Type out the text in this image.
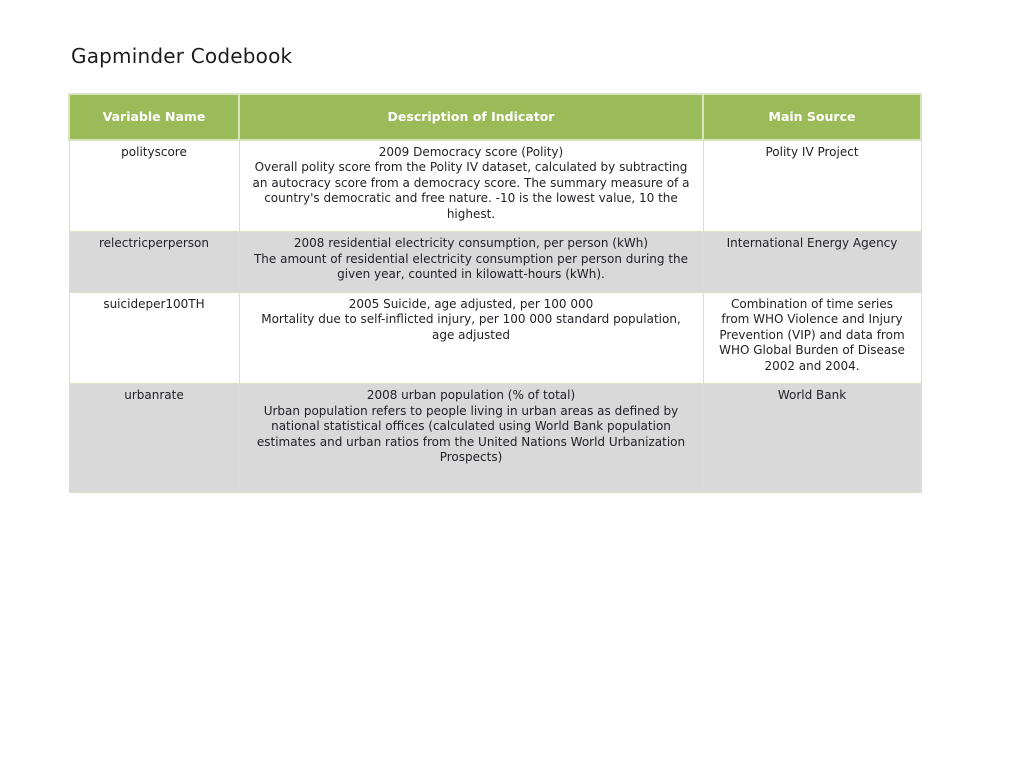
Gapminder Codebook
Variable Name	Description of Indicator	Main Source
polityscore	2009 Democracy score (Polity)
Overall polity score from the Polity IV dataset, calculated by subtracting an autocracy score from a democracy score. The summary measure of a country's democratic and free nature. -10 is the lowest value, 10 the highest.	Polity IV Project
relectricperperson	2008 residential electricity consumption, per person (kWh)
The amount of residential electricity consumption per person during the given year, counted in kilowatt-hours (kWh).	International Energy Agency
suicideper100TH	2005 Suicide, age adjusted, per 100 000
Mortality due to self-inflicted injury, per 100 000 standard population, age adjusted	Combination of time series from WHO Violence and Injury Prevention (VIP) and data from WHO Global Burden of Disease 2002 and 2004.
urbanrate	2008 urban population (% of total)
Urban population refers to people living in urban areas as defined by national statistical offices (calculated using World Bank population estimates and urban ratios from the United Nations World Urbanization Prospects)	World Bank
